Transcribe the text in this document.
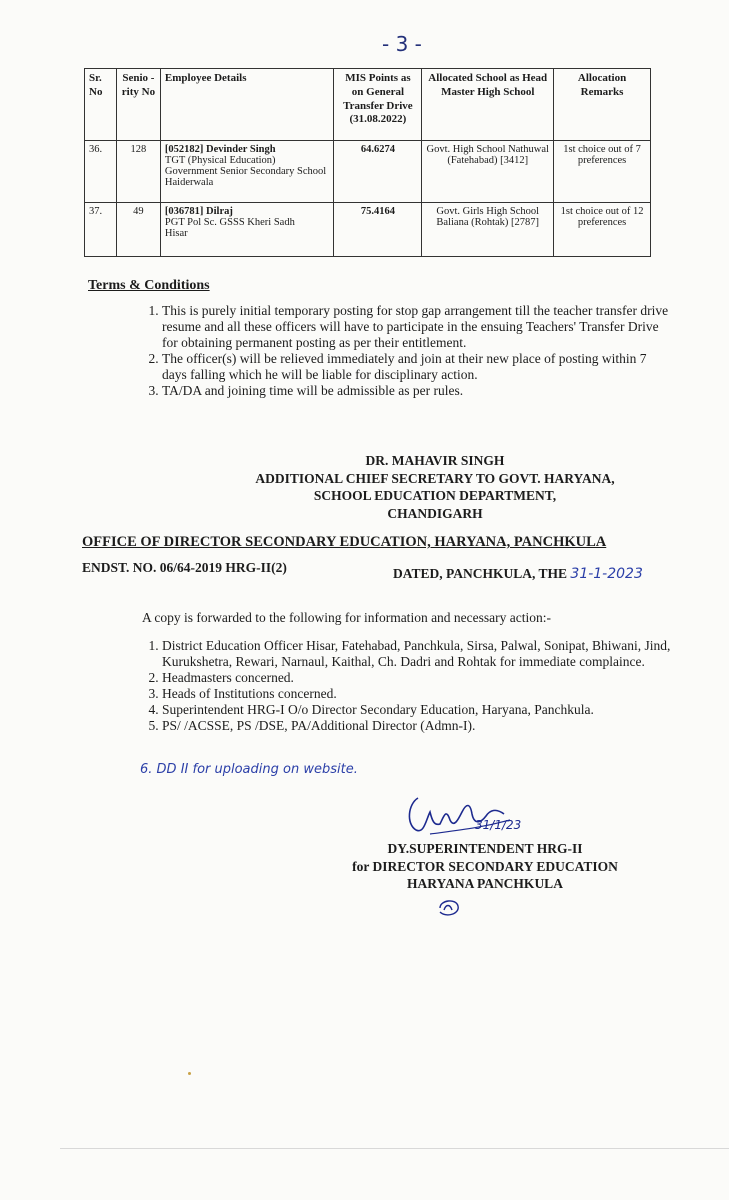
- 3 -
Sr. No	Senio -rity No	Employee Details	MIS Points as on General Transfer Drive (31.08.2022)	Allocated School as Head Master High School	Allocation Remarks
36.	128	[052182] Devinder Singh
TGT (Physical Education)
Government Senior Secondary School Haiderwala	64.6274	Govt. High School Nathuwal (Fatehabad) [3412]	1st choice out of 7 preferences
37.	49	[036781] Dilraj
PGT Pol Sc. GSSS Kheri Sadh
Hisar	75.4164	Govt. Girls High School Baliana (Rohtak) [2787]	1st choice out of 12 preferences
Terms & Conditions
1. This is purely initial temporary posting for stop gap arrangement till the teacher transfer drive resume and all these officers will have to participate in the ensuing Teachers' Transfer Drive for obtaining permanent posting as per their entitlement.
2. The officer(s) will be relieved immediately and join at their new place of posting within 7 days falling which he will be liable for disciplinary action.
3. TA/DA and joining time will be admissible as per rules.
DR. MAHAVIR SINGH
ADDITIONAL CHIEF SECRETARY TO GOVT. HARYANA,
SCHOOL EDUCATION DEPARTMENT,
CHANDIGARH
OFFICE OF DIRECTOR SECONDARY EDUCATION, HARYANA, PANCHKULA
ENDST. NO. 06/64-2019 HRG-II(2)	DATED, PANCHKULA, THE 31-1-2023
A copy is forwarded to the following for information and necessary action:-
1. District Education Officer Hisar, Fatehabad, Panchkula, Sirsa, Palwal, Sonipat, Bhiwani, Jind, Kurukshetra, Rewari, Narnaul, Kaithal, Ch. Dadri and Rohtak for immediate complaince.
2. Headmasters concerned.
3. Heads of Institutions concerned.
4. Superintendent HRG-I O/o Director Secondary Education, Haryana, Panchkula.
5. PS/ /ACSSE, PS /DSE, PA/Additional Director (Admn-I).
6. DD II for uploading on website.
31/1/23
DY.SUPERINTENDENT HRG-II
for DIRECTOR SECONDARY EDUCATION
HARYANA PANCHKULA
